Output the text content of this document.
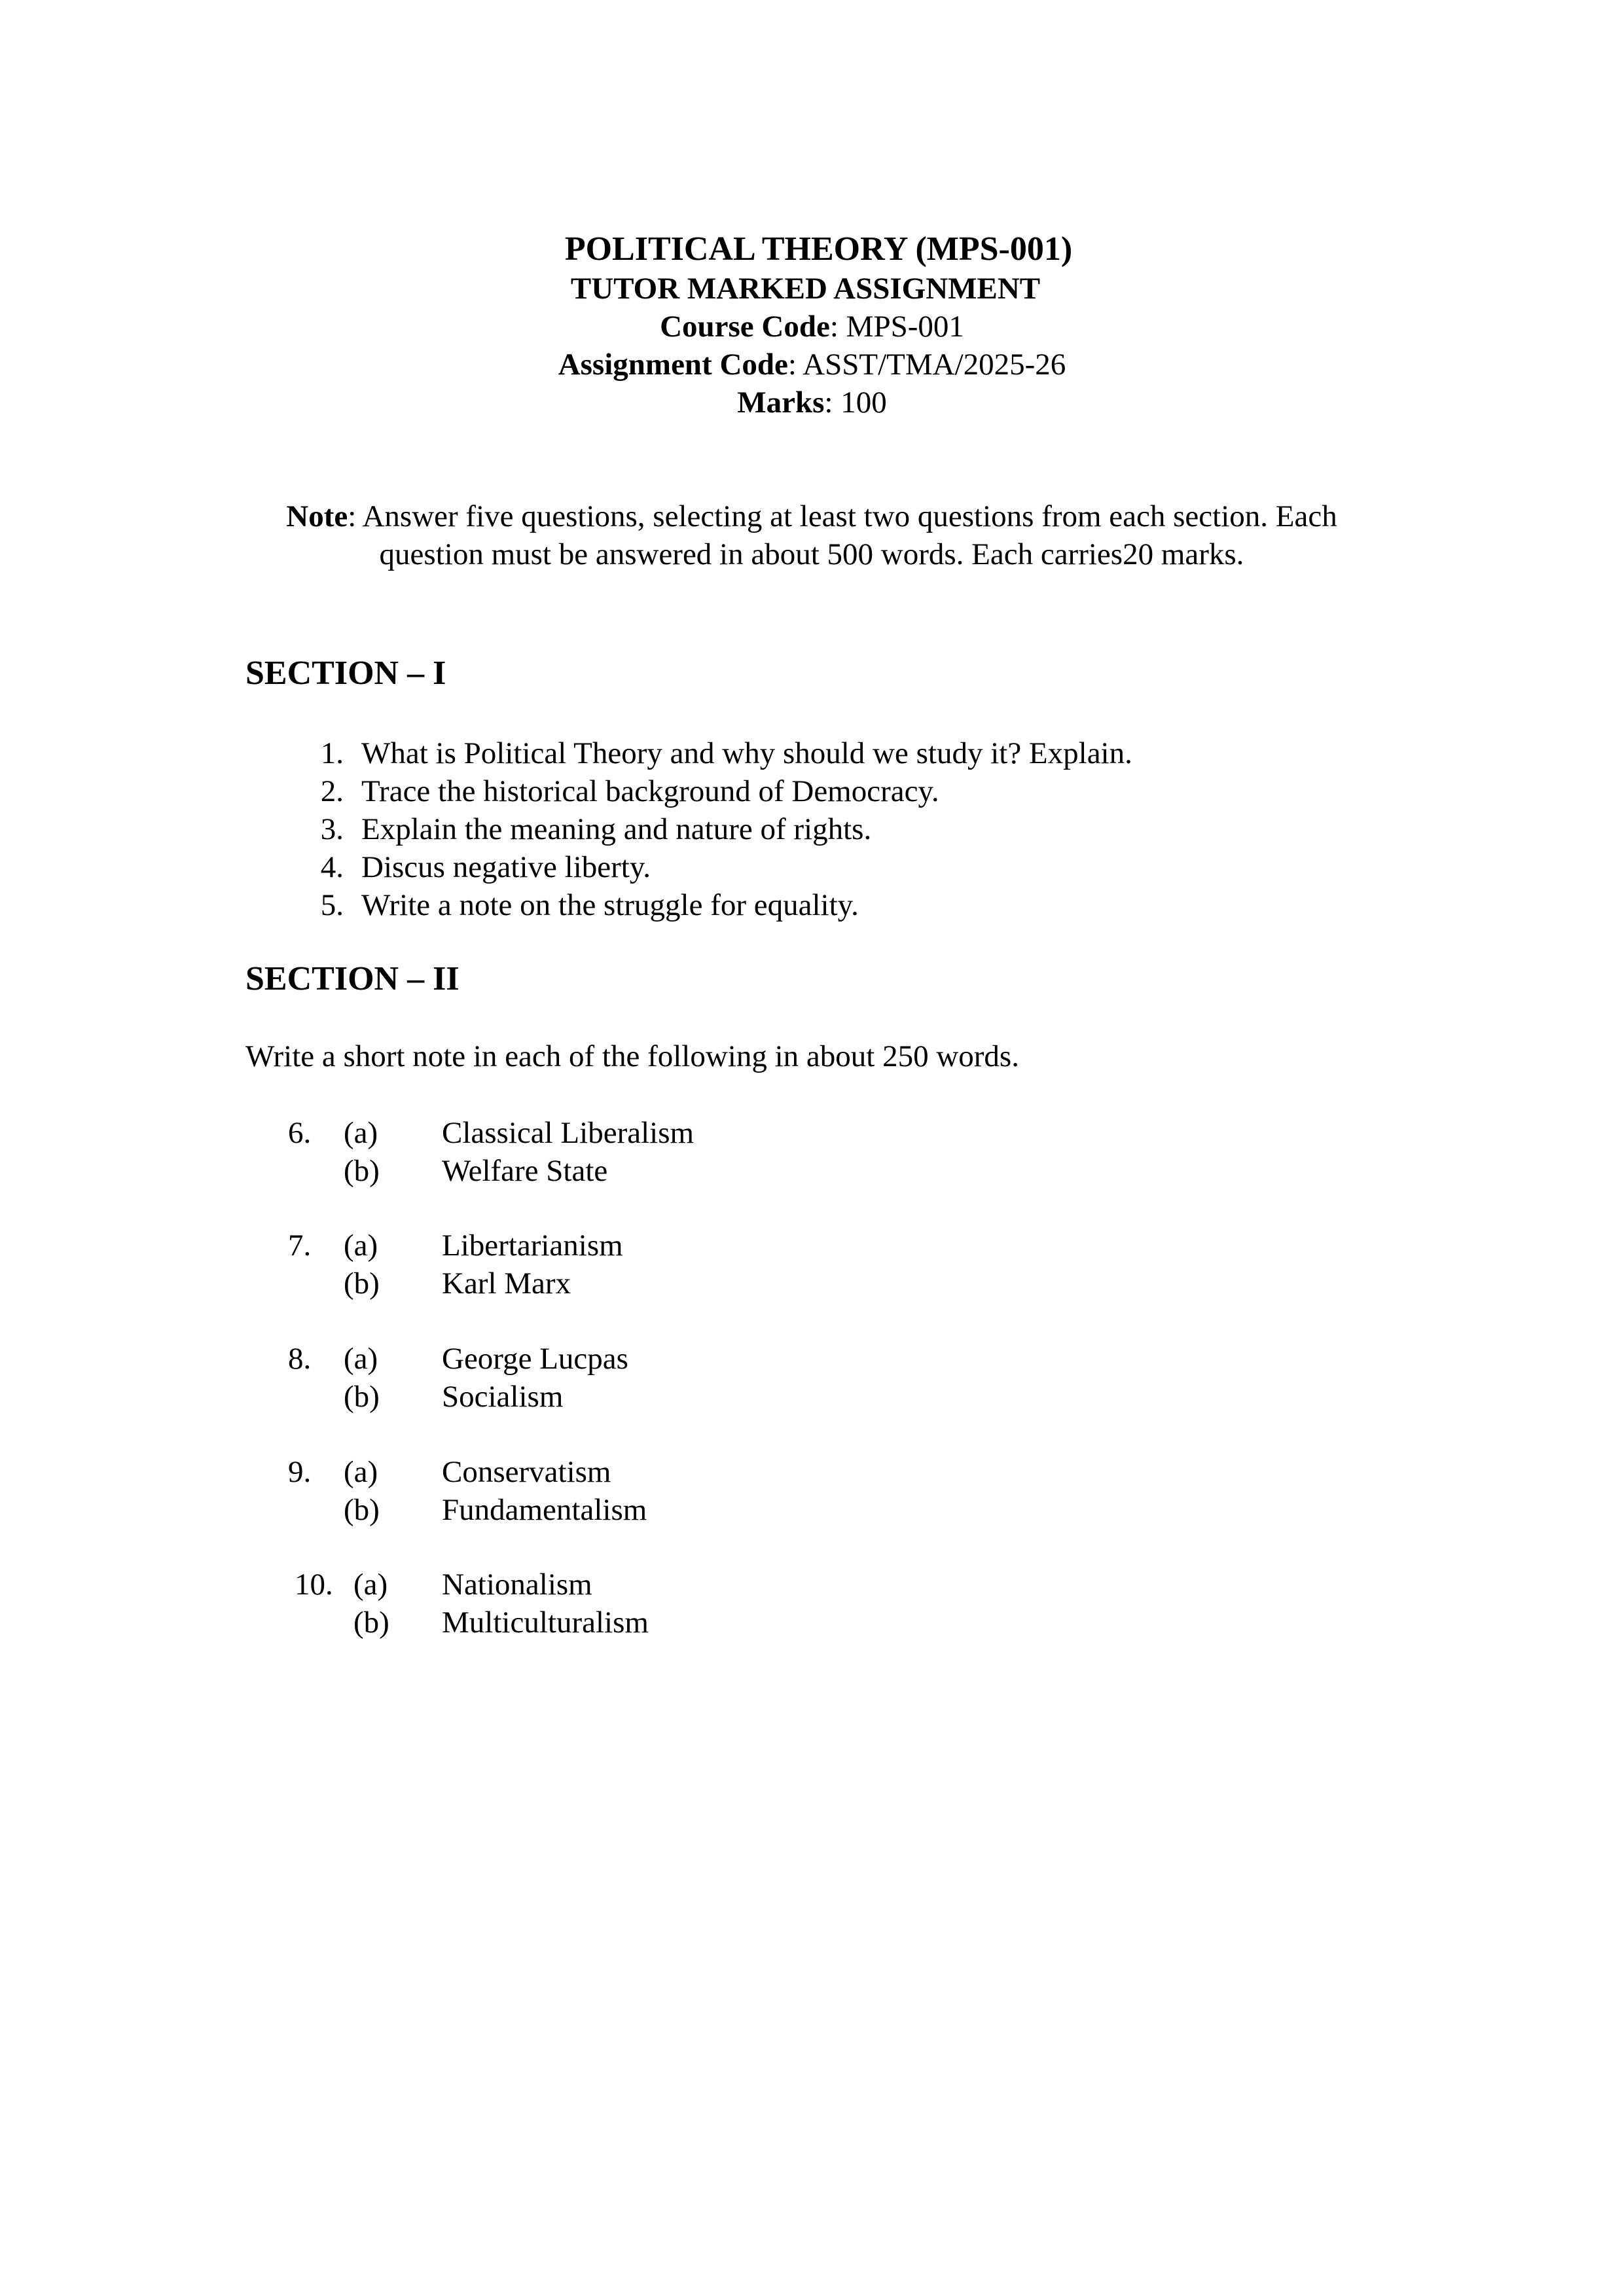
POLITICAL THEORY (MPS-001)
TUTOR MARKED ASSIGNMENT
Course Code: MPS-001
Assignment Code: ASST/TMA/2025-26
Marks: 100
Note: Answer five questions, selecting at least two questions from each section. Each
question must be answered in about 500 words. Each carries20 marks.
SECTION – I
1. What is Political Theory and why should we study it? Explain.
2. Trace the historical background of Democracy.
3. Explain the meaning and nature of rights.
4. Discus negative liberty.
5. Write a note on the struggle for equality.
SECTION – II
Write a short note in each of the following in about 250 words.
6. (a) Classical Liberalism
(b) Welfare State
7. (a) Libertarianism
(b) Karl Marx
8. (a) George Lucpas
(b) Socialism
9. (a) Conservatism
(b) Fundamentalism
10. (a) Nationalism
(b) Multiculturalism
